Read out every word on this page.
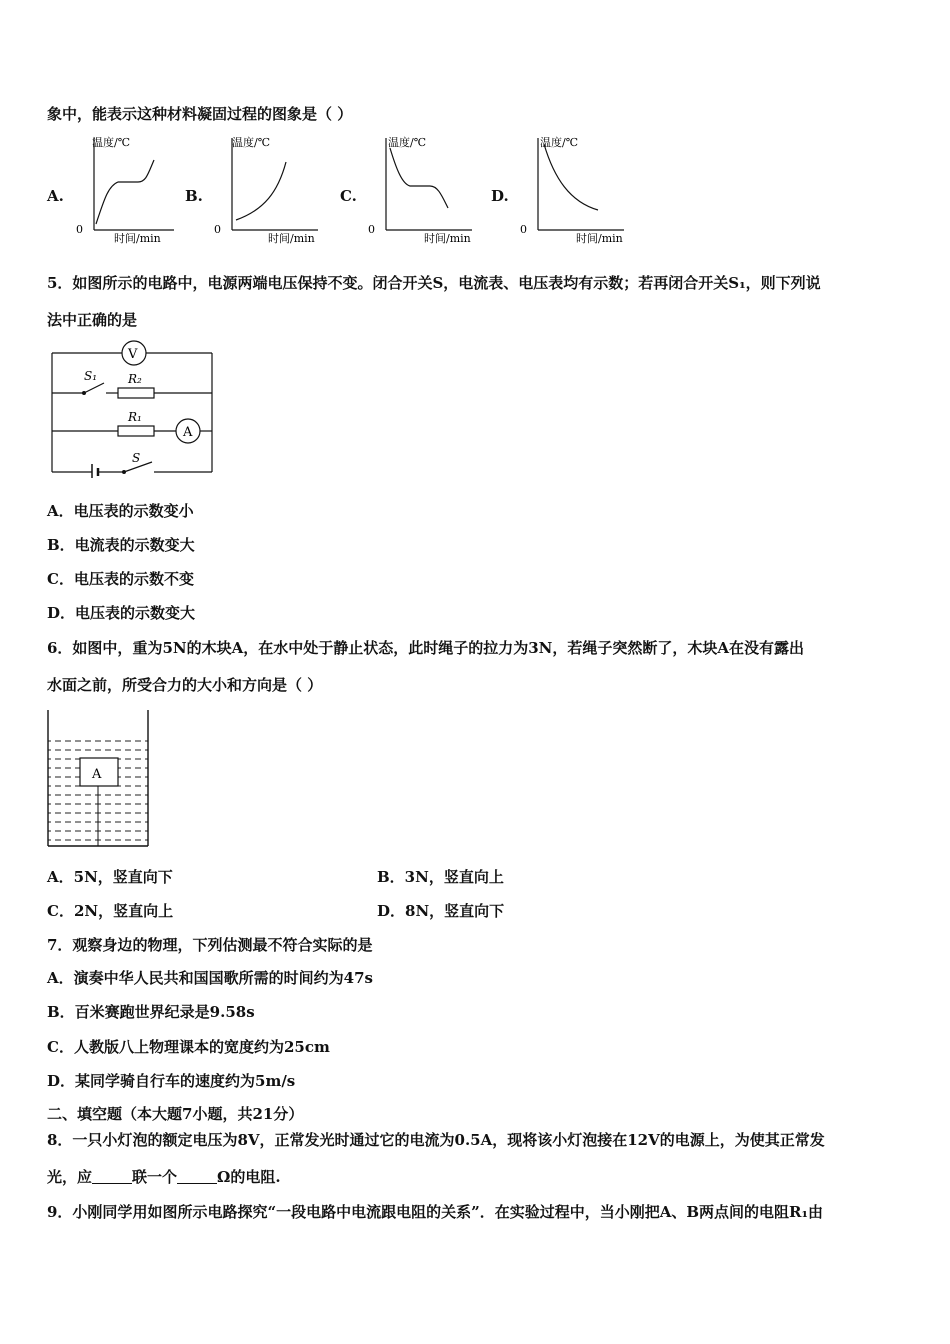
象中，能表示这种材料凝固过程的图象是（ ）
A.	B.	C.	D.
温度/℃
0
时间/min
温度/℃
0
时间/min
温度/℃
0
时间/min
温度/℃
0
时间/min
5．如图所示的电路中，电源两端电压保持不变。闭合开关S，电流表、电压表均有示数；若再闭合开关S₁，则下列说
法中正确的是
V
S₁	R₂
A
R₁
S
A．电压表的示数变小
B．电流表的示数变大
C．电压表的示数不变
D．电压表的示数变大
6．如图中，重为5N的木块A，在水中处于静止状态，此时绳子的拉力为3N，若绳子突然断了，木块A在没有露出
水面之前，所受合力的大小和方向是（ ）
A
A．5N，竖直向下	B．3N，竖直向上
C．2N，竖直向上	D．8N，竖直向下
7．观察身边的物理，下列估测最不符合实际的是
A．演奏中华人民共和国国歌所需的时间约为47s
B．百米赛跑世界纪录是9.58s
C．人教版八上物理课本的宽度约为25cm
D．某同学骑自行车的速度约为5m/s
二、填空题（本大题7小题，共21分）
8．一只小灯泡的额定电压为8V，正常发光时通过它的电流为0.5A，现将该小灯泡接在12V的电源上，为使其正常发
光，应	联一个	Ω的电阻.
9．小刚同学用如图所示电路探究“一段电路中电流跟电阻的关系”．在实验过程中，当小刚把A、B两点间的电阻R₁由
